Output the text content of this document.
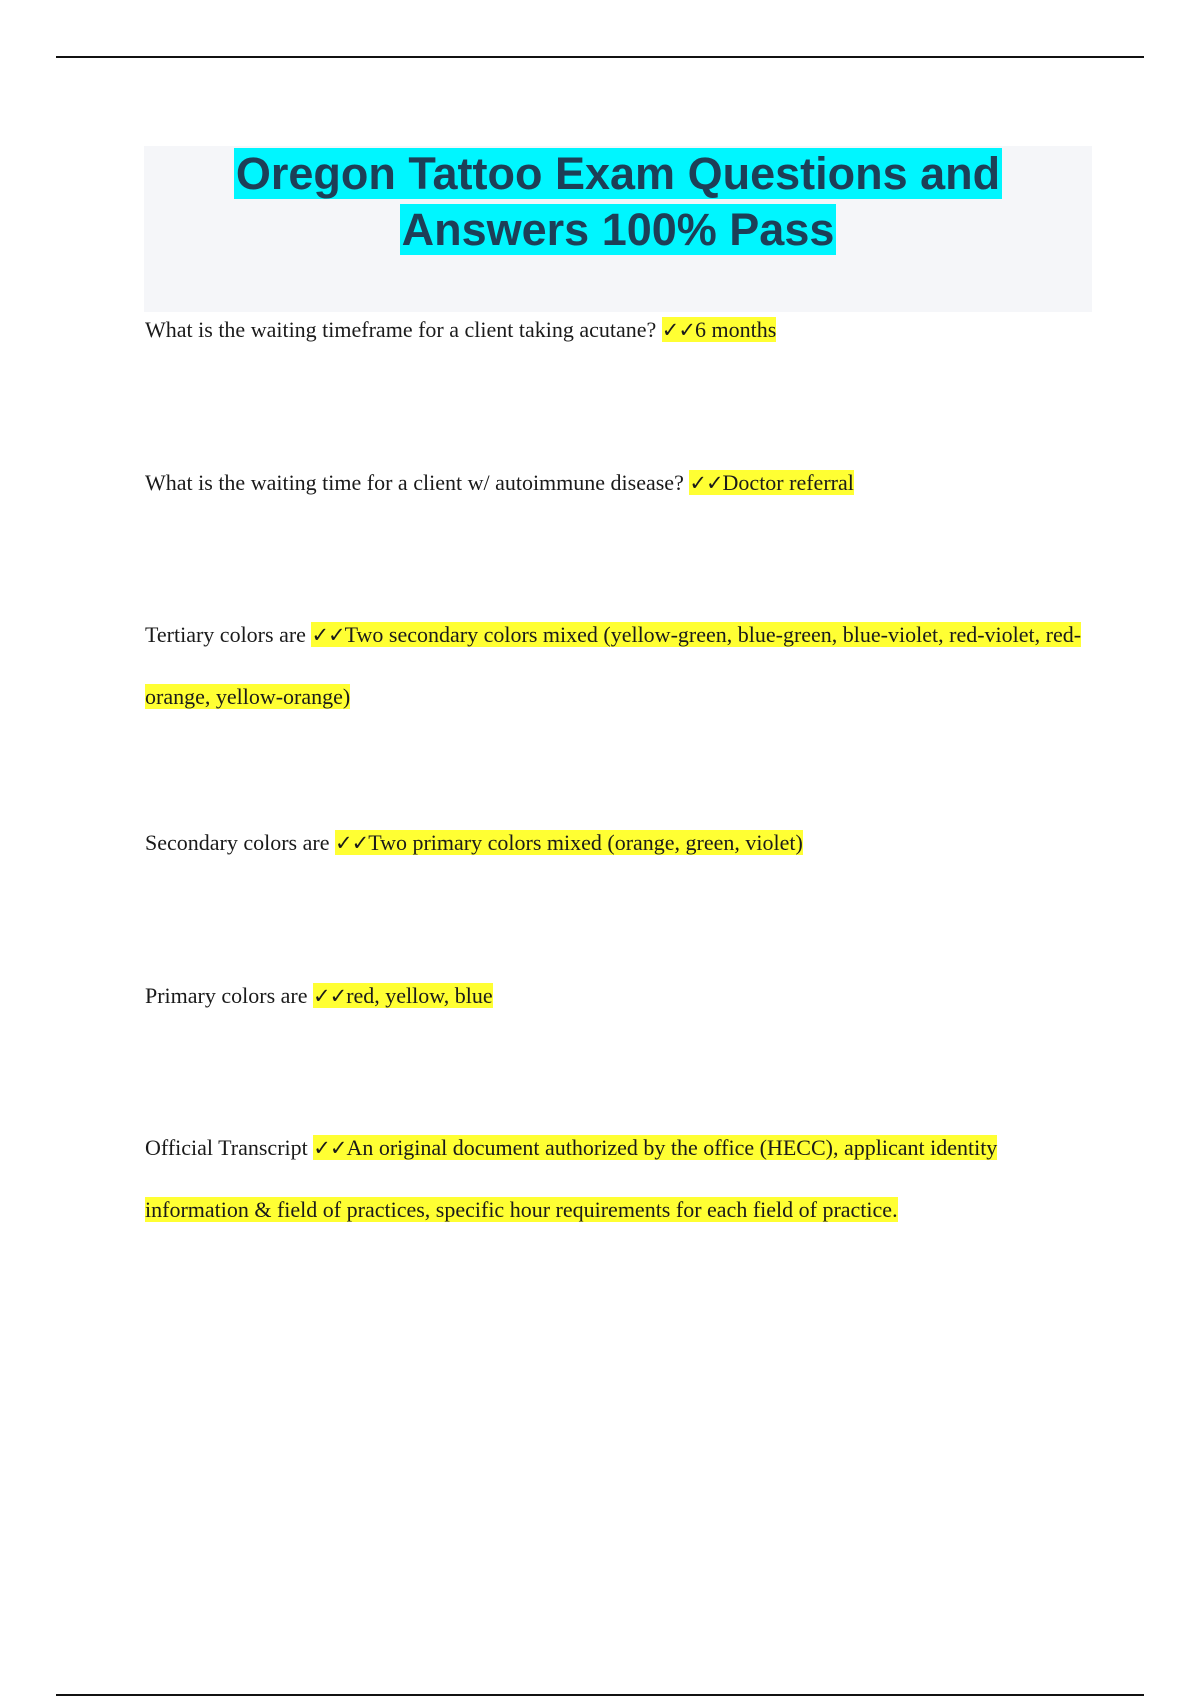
Oregon Tattoo Exam Questions and
Answers 100% Pass

What is the waiting timeframe for a client taking acutane? ✓✓6 months

What is the waiting time for a client w/ autoimmune disease? ✓✓Doctor referral

Tertiary colors are ✓✓Two secondary colors mixed (yellow-green, blue-green, blue-violet, red-violet, red-orange, yellow-orange)

Secondary colors are ✓✓Two primary colors mixed (orange, green, violet)

Primary colors are ✓✓red, yellow, blue

Official Transcript ✓✓An original document authorized by the office (HECC), applicant identity information & field of practices, specific hour requirements for each field of practice.
